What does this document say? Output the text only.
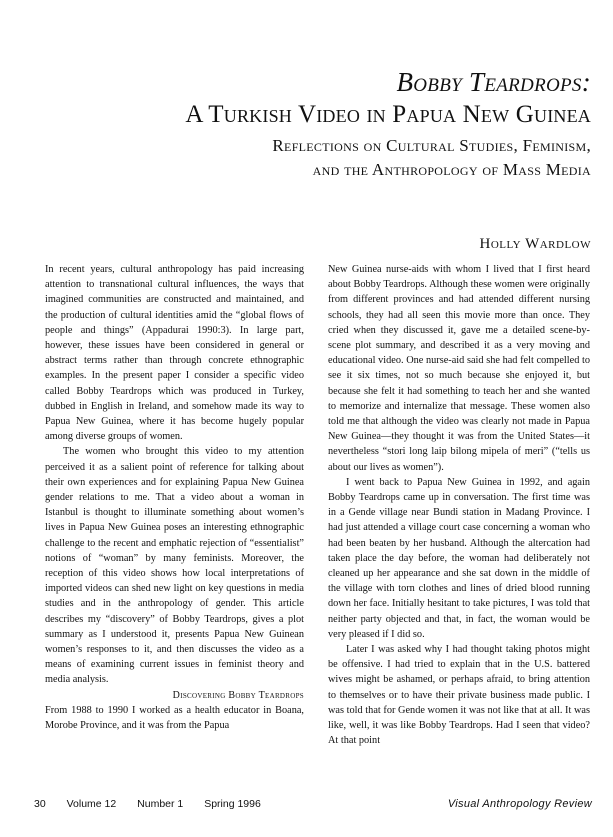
Bobby Teardrops:
A Turkish Video in Papua New Guinea
Reflections on Cultural Studies, Feminism,
and the Anthropology of Mass Media
Holly Wardlow

In recent years, cultural anthropology has paid increasing attention to transnational cultural influences, the ways that imagined communities are constructed and maintained, and the production of cultural identities amid the “global flows of people and things” (Appadurai 1990:3). In large part, however, these issues have been considered in general or abstract terms rather than through concrete ethnographic examples. In the present paper I consider a specific video called Bobby Teardrops which was produced in Turkey, dubbed in English in Ireland, and somehow made its way to Papua New Guinea, where it has become hugely popular among diverse groups of women.

The women who brought this video to my attention perceived it as a salient point of reference for talking about their own experiences and for explaining Papua New Guinea gender relations to me. That a video about a woman in Istanbul is thought to illuminate something about women’s lives in Papua New Guinea poses an interesting ethnographic challenge to the recent and emphatic rejection of “essentialist” notions of “woman” by many feminists. Moreover, the reception of this video shows how local interpretations of imported videos can shed new light on key questions in media studies and in the anthropology of gender. This article describes my “discovery” of Bobby Teardrops, gives a plot summary as I understood it, presents Papua New Guinean women’s responses to it, and then discusses the video as a means of examining current issues in feminist theory and media analysis.

Discovering Bobby Teardrops

From 1988 to 1990 I worked as a health educator in Boana, Morobe Province, and it was from the Papua

New Guinea nurse-aids with whom I lived that I first heard about Bobby Teardrops. Although these women were originally from different provinces and had attended different nursing schools, they had all seen this movie more than once. They cried when they discussed it, gave me a detailed scene-by-scene plot summary, and described it as a very moving and educational video. One nurse-aid said she had felt compelled to see it six times, not so much because she enjoyed it, but because she felt it had something to teach her and she wanted to memorize and internalize that message. These women also told me that although the video was clearly not made in Papua New Guinea—they thought it was from the United States—it nevertheless “stori long laip bilong mipela of meri” (“tells us about our lives as women”).

I went back to Papua New Guinea in 1992, and again Bobby Teardrops came up in conversation. The first time was in a Gende village near Bundi station in Madang Province. I had just attended a village court case concerning a woman who had been beaten by her husband. Although the altercation had taken place the day before, the woman had deliberately not cleaned up her appearance and she sat down in the middle of the village with torn clothes and lines of dried blood running down her face. Initially hesitant to take pictures, I was told that neither party objected and that, in fact, the woman would be very pleased if I did so.

Later I was asked why I had thought taking photos might be offensive. I had tried to explain that in the U.S. battered wives might be ashamed, or perhaps afraid, to bring attention to themselves or to have their private business made public. I was told that for Gende women it was not like that at all. It was like, well, it was like Bobby Teardrops. Had I seen that video? At that point

30 Volume 12 Number 1 Spring 1996	Visual Anthropology Review
